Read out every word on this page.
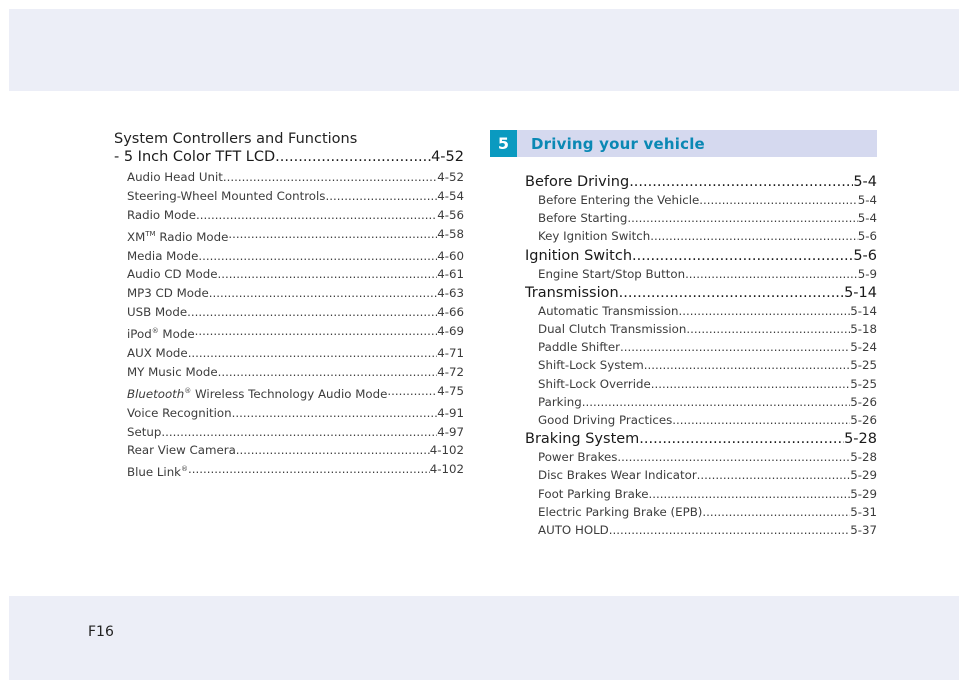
System Controllers and Functions
- 5 Inch Color TFT LCD .....	4-52
Audio Head Unit .....	4-52
Steering-Wheel Mounted Controls .....	4-54
Radio Mode .....	4-56
XM™ Radio Mode .....	4-58
Media Mode .....	4-60
Audio CD Mode .....	4-61
MP3 CD Mode .....	4-63
USB Mode .....	4-66
iPod® Mode .....	4-69
AUX Mode .....	4-71
MY Music Mode .....	4-72
Bluetooth® Wireless Technology Audio Mode .....	4-75
Voice Recognition .....	4-91
Setup .....	4-97
Rear View Camera .....	4-102
Blue Link® .....	4-102
5	Driving your vehicle
Before Driving .....	5-4
Before Entering the Vehicle .....	5-4
Before Starting .....	5-4
Key Ignition Switch .....	5-6
Ignition Switch .....	5-6
Engine Start/Stop Button .....	5-9
Transmission .....	5-14
Automatic Transmission .....	5-14
Dual Clutch Transmission .....	5-18
Paddle Shifter .....	5-24
Shift-Lock System .....	5-25
Shift-Lock Override .....	5-25
Parking .....	5-26
Good Driving Practices .....	5-26
Braking System .....	5-28
Power Brakes .....	5-28
Disc Brakes Wear Indicator .....	5-29
Foot Parking Brake .....	5-29
Electric Parking Brake (EPB) .....	5-31
AUTO HOLD .....	5-37
F16
